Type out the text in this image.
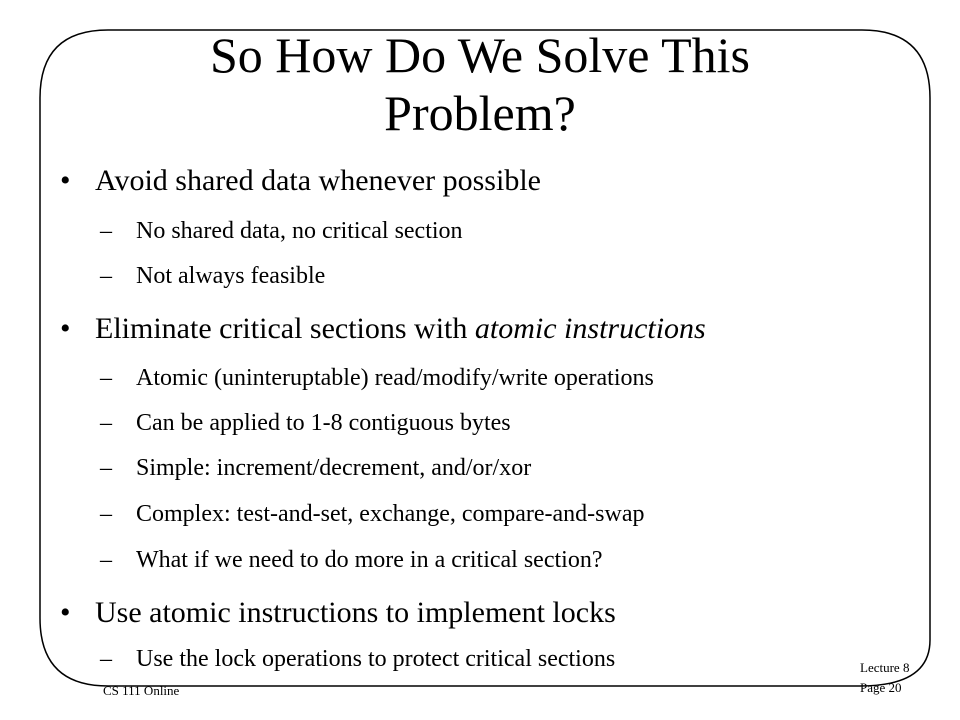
So How Do We Solve This Problem?
• Avoid shared data whenever possible
– No shared data, no critical section
– Not always feasible
• Eliminate critical sections with atomic instructions
– Atomic (uninteruptable) read/modify/write operations
– Can be applied to 1-8 contiguous bytes
– Simple: increment/decrement, and/or/xor
– Complex: test-and-set, exchange, compare-and-swap
– What if we need to do more in a critical section?
• Use atomic instructions to implement locks
– Use the lock operations to protect critical sections
CS 111 Online
Lecture 8
Page 20
